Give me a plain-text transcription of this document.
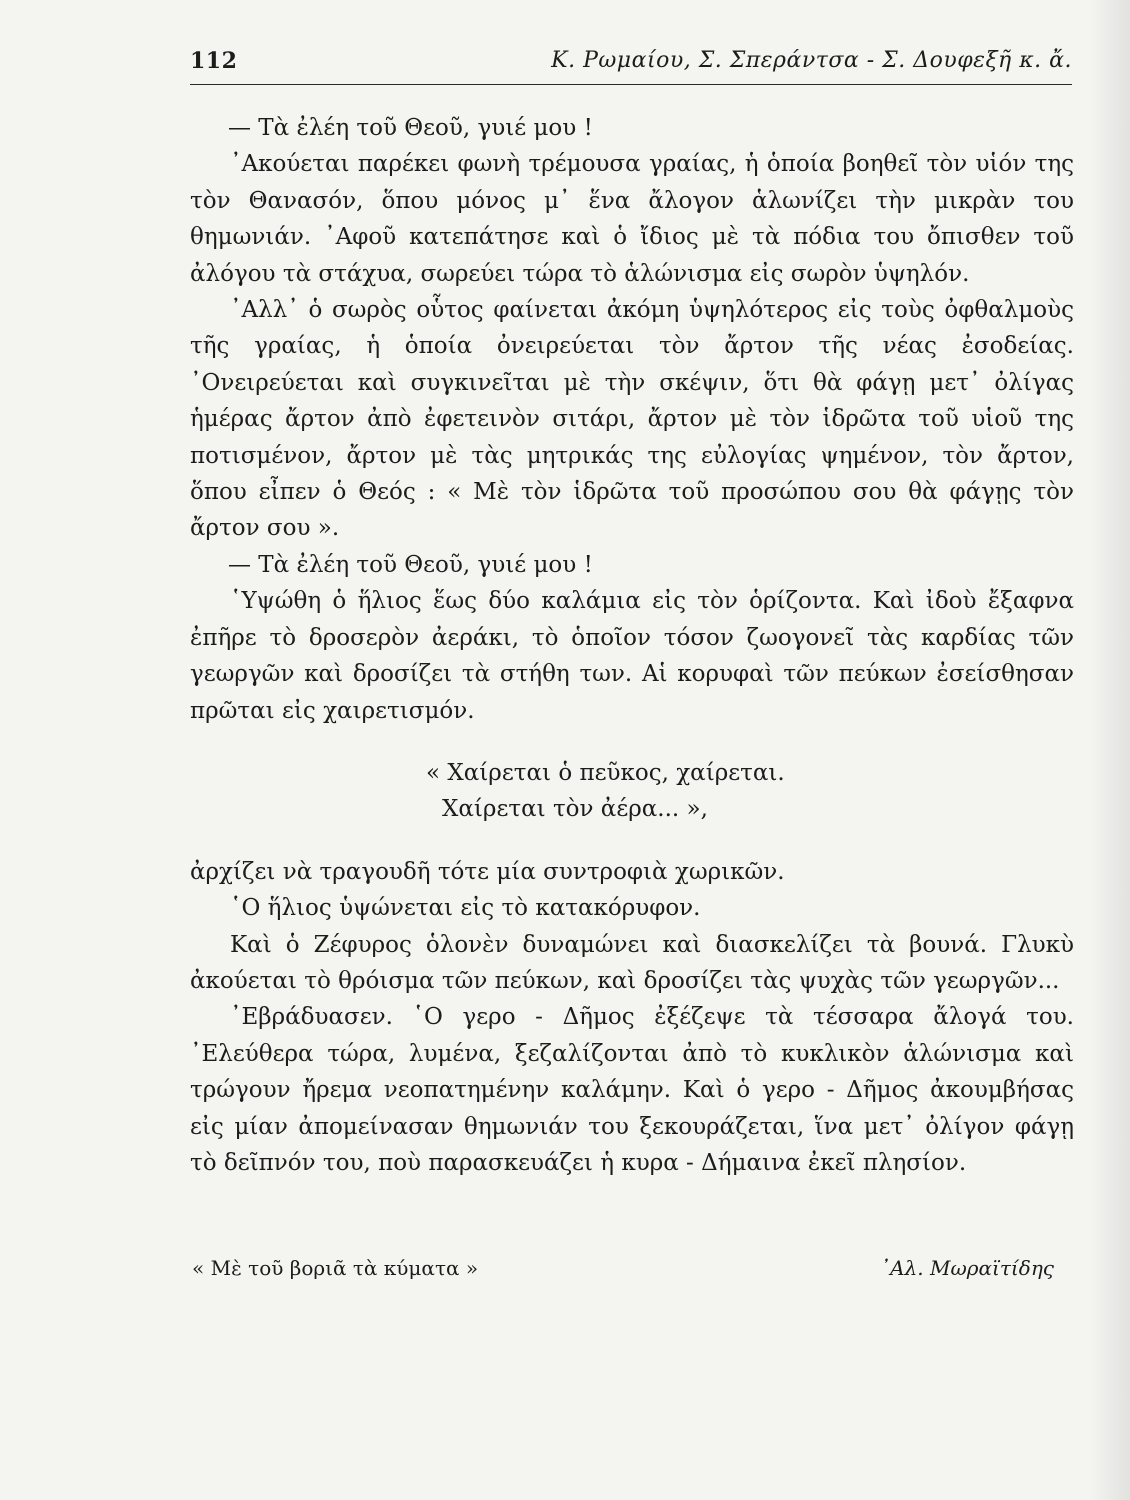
112	Κ. Ρωμαίου, Σ. Σπεράντσα - Σ. Δουφεξῆ κ. ἄ.

— Τὰ ἐλέη τοῦ Θεοῦ, γυιέ μου !

᾿Ακούεται παρέκει φωνὴ τρέμουσα γραίας, ἡ ὁποία βοηθεῖ τὸν υἱόν της τὸν Θανασόν, ὅπου μόνος μ᾿ ἕνα ἄλογον ἁλωνίζει τὴν μικρὰν του θημωνιάν. ᾿Αφοῦ κατεπάτησε καὶ ὁ ἴδιος μὲ τὰ πόδια του ὄπισθεν τοῦ ἀλόγου τὰ στάχυα, σωρεύει τώρα τὸ ἁλώνισμα εἰς σωρὸν ὑψηλόν.

᾿Αλλ᾿ ὁ σωρὸς οὗτος φαίνεται ἀκόμη ὑψηλότερος εἰς τοὺς ὀφθαλμοὺς τῆς γραίας, ἡ ὁποία ὀνειρεύεται τὸν ἄρτον τῆς νέας ἐσοδείας. ᾿Ονειρεύεται καὶ συγκινεῖται μὲ τὴν σκέψιν, ὅτι θὰ φάγῃ μετ᾿ ὀλίγας ἡμέρας ἄρτον ἀπὸ ἐφετεινὸν σιτάρι, ἄρτον μὲ τὸν ἱδρῶτα τοῦ υἱοῦ της ποτισμένον, ἄρτον μὲ τὰς μητρικάς της εὐλογίας ψημένον, τὸν ἄρτον, ὅπου εἶπεν ὁ Θεός : « Μὲ τὸν ἱδρῶτα τοῦ προσώπου σου θὰ φάγῃς τὸν ἄρτον σου ».

— Τὰ ἐλέη τοῦ Θεοῦ, γυιέ μου !

῾Υψώθη ὁ ἥλιος ἕως δύο καλάμια εἰς τὸν ὁρίζοντα. Καὶ ἰδοὺ ἔξαφνα ἐπῆρε τὸ δροσερὸν ἀεράκι, τὸ ὁποῖον τόσον ζωογονεῖ τὰς καρδίας τῶν γεωργῶν καὶ δροσίζει τὰ στήθη των. Αἱ κορυφαὶ τῶν πεύκων ἐσείσθησαν πρῶται εἰς χαιρετισμόν.

« Χαίρεται ὁ πεῦκος, χαίρεται.
Χαίρεται τὸν ἀέρα... »,

ἀρχίζει νὰ τραγουδῆ τότε μία συντροφιὰ χωρικῶν.

῾Ο ἥλιος ὑψώνεται εἰς τὸ κατακόρυφον.

Καὶ ὁ Ζέφυρος ὁλονὲν δυναμώνει καὶ διασκελίζει τὰ βουνά. Γλυκὺ ἀκούεται τὸ θρόισμα τῶν πεύκων, καὶ δροσίζει τὰς ψυχὰς τῶν γεωργῶν...

᾿Εβράδυασεν. ῾Ο γερο - Δῆμος ἐξέζεψε τὰ τέσσαρα ἄλογά του. ᾿Ελεύθερα τώρα, λυμένα, ξεζαλίζονται ἀπὸ τὸ κυκλικὸν ἁλώνισμα καὶ τρώγουν ἤρεμα νεοπατημένην καλάμην. Καὶ ὁ γερο - Δῆμος ἀκουμβήσας εἰς μίαν ἀπομείνασαν θημωνιάν του ξεκουράζεται, ἵνα μετ᾿ ὀλίγον φάγῃ τὸ δεῖπνόν του, ποὺ παρασκευάζει ἡ κυρα - Δήμαινα ἐκεῖ πλησίον.

« Μὲ τοῦ βοριᾶ τὰ κύματα »	᾿Αλ. Μωραϊτίδης
